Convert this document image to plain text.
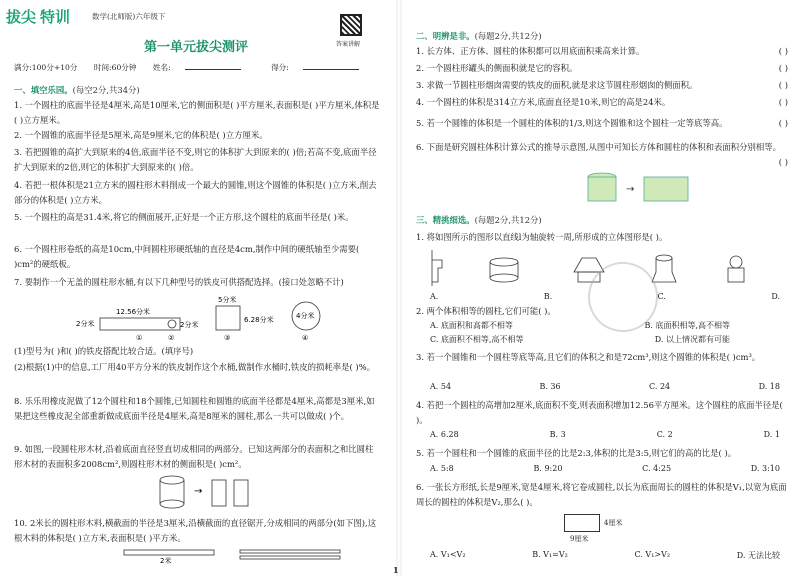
拔尖 特训	数学(北师版)六年级下
答案讲解
第一单元拔尖测评
满分:100分+10分 时间:60分钟 姓名:	得分:
一、填空乐园。(每空2分,共34分)
1. 一个圆柱的底面半径是4厘米,高是10厘米,它的侧面积是( )平方厘米,表面积是( )平方厘米,体积是( )立方厘米。
2. 一个圆锥的底面半径是5厘米,高是9厘米,它的体积是( )立方厘米。
3. 若把圆锥的高扩大到原来的4倍,底面半径不变,则它的体积扩大到原来的( )倍;若高不变,底面半径扩大到原来的2倍,则它的体积扩大到原来的( )倍。
4. 若把一根体积是21立方米的圆柱形木料削成一个最大的圆锥,则这个圆锥的体积是( )立方米,削去部分的体积是( )立方米。
5. 一个圆柱的高是31.4米,将它的侧面展开,正好是一个正方形,这个圆柱的底面半径是( )米。
6. 一个圆柱形卷纸的高是10cm,中间圆柱形硬纸轴的直径是4cm,制作中间的硬纸轴至少需要( )cm²的硬纸板。
7. 要制作一个无盖的圆柱形水桶,有以下几种型号的铁皮可供搭配选择。(接口处忽略不计)
2分米
12.56分米
①
2分米
②
5分米
6.28分米
③
4分米
④
(1)型号为( )和( )的铁皮搭配比较合适。(填序号)
(2)根据(1)中的信息,工厂用40平方分米的铁皮制作这个水桶,做制作水桶时,铁皮的损耗率是( )%。
8. 乐乐用橡皮泥做了12个圆柱和18个圆锥,已知圆柱和圆锥的底面半径都是4厘米,高都是3厘米,如果把这些橡皮泥全部重新做成底面半径是4厘米,高是8厘米的圆柱,那么一共可以做成( )个。
9. 如图,一段圆柱形木材,沿着底面直径竖直切成相同的两部分。已知这两部分的表面积之和比圆柱形木材的表面积多2008cm²,则圆柱形木材的侧面积是( )cm²。
→
10. 2米长的圆柱形木料,横截面的半径是3厘米,沿横截面的直径锯开,分成相同的两部分(如下图),这根木料的体积是( )立方米,表面积是( )平方米。
2米
二、明辨是非。(每题2分,共12分)
1. 长方体、正方体、圆柱的体积都可以用底面积乘高来计算。	( )
2. 一个圆柱形罐头的侧面积就是它的容积。	( )
3. 求做一节圆柱形烟囱需要的铁皮的面积,就是求这节圆柱形烟囱的侧面积。	( )
4. 一个圆柱的体积是314立方米,底面直径是10米,则它的高是24米。	( )
5. 若一个圆锥的体积是一个圆柱的体积的1/3,则这个圆锥和这个圆柱一定等底等高。	( )
6. 下面是研究圆柱体积计算公式的推导示意图,从图中可知长方体和圆柱的体积和表面积分别相等。
( )
→
三、精挑细选。(每题2分,共12分)
1. 将如图所示的图形以直线l为轴旋转一周,所形成的立体图形是( )。
A.	B.	C.	D.
2. 两个体积相等的圆柱,它们可能( )。
A. 底面积和高都不相等	B. 底面积相等,高不相等
C. 底面积不相等,高不相等	D. 以上情况都有可能
3. 若一个圆锥和一个圆柱等底等高,且它们的体积之和是72cm³,则这个圆锥的体积是( )cm³。
A. 54	B. 36	C. 24	D. 18
4. 若把一个圆柱的高增加2厘米,底面积不变,则表面积增加12.56平方厘米。这个圆柱的底面半径是( )。
A. 6.28	B. 3	C. 2	D. 1
5. 若一个圆柱和一个圆锥的底面半径的比是2:3,体积的比是3:5,则它们的高的比是( )。
A. 5:8	B. 9:20	C. 4:25	D. 3:10
6. 一张长方形纸,长是9厘米,宽是4厘米,将它卷成圆柱,以长为底面周长的圆柱的体积是V₁,以宽为底面周长的圆柱的体积是V₂,那么( )。
4厘米
9厘米
A. V₁<V₂	B. V₁=V₂	C. V₁>V₂	D. 无法比较
1
